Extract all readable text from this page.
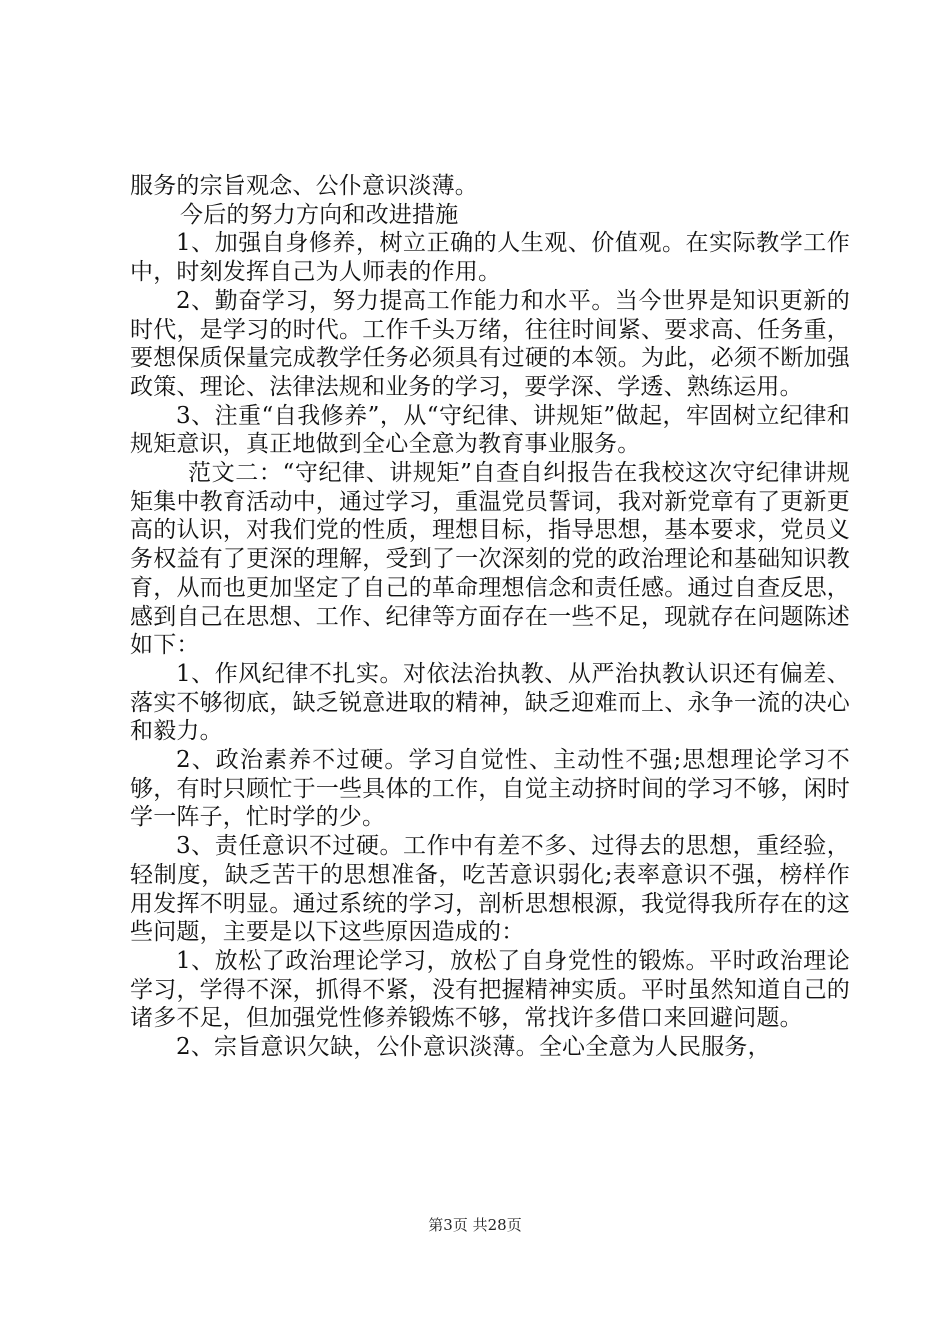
服务的宗旨观念、公仆意识淡薄。

今后的努力方向和改进措施

1、加强自身修养，树立正确的人生观、价值观。在实际教学工作中，时刻发挥自己为人师表的作用。

2、勤奋学习，努力提高工作能力和水平。当今世界是知识更新的时代，是学习的时代。工作千头万绪，往往时间紧、要求高、任务重，要想保质保量完成教学任务必须具有过硬的本领。为此，必须不断加强政策、理论、法律法规和业务的学习，要学深、学透、熟练运用。

3、注重“自我修养”，从“守纪律、讲规矩”做起，牢固树立纪律和规矩意识，真正地做到全心全意为教育事业服务。

范文二：“守纪律、讲规矩”自查自纠报告在我校这次守纪律讲规矩集中教育活动中，通过学习，重温党员誓词，我对新党章有了更新更高的认识，对我们党的性质，理想目标，指导思想，基本要求，党员义务权益有了更深的理解，受到了一次深刻的党的政治理论和基础知识教育，从而也更加坚定了自己的革命理想信念和责任感。通过自查反思，感到自己在思想、工作、纪律等方面存在一些不足，现就存在问题陈述如下：

1、作风纪律不扎实。对依法治执教、从严治执教认识还有偏差、落实不够彻底，缺乏锐意进取的精神，缺乏迎难而上、永争一流的决心和毅力。

2、政治素养不过硬。学习自觉性、主动性不强;思想理论学习不够，有时只顾忙于一些具体的工作，自觉主动挤时间的学习不够，闲时学一阵子，忙时学的少。

3、责任意识不过硬。工作中有差不多、过得去的思想，重经验，轻制度，缺乏苦干的思想准备，吃苦意识弱化;表率意识不强，榜样作用发挥不明显。通过系统的学习，剖析思想根源，我觉得我所存在的这些问题，主要是以下这些原因造成的：

1、放松了政治理论学习，放松了自身党性的锻炼。平时政治理论学习，学得不深，抓得不紧，没有把握精神实质。平时虽然知道自己的诸多不足，但加强党性修养锻炼不够，常找许多借口来回避问题。

2、宗旨意识欠缺，公仆意识淡薄。全心全意为人民服务，

第3页 共28页
